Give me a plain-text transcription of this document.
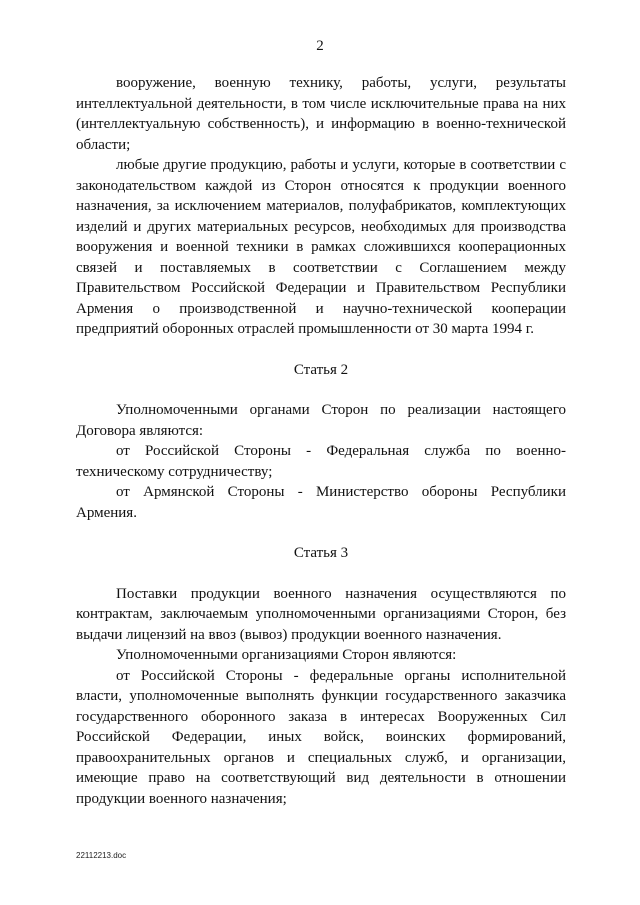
2

вооружение, военную технику, работы, услуги, результаты интеллектуальной деятельности, в том числе исключительные права на них (интеллектуальную собственность), и информацию в военно-технической области;

любые другие продукцию, работы и услуги, которые в соответствии с законодательством каждой из Сторон относятся к продукции военного назначения, за исключением материалов, полуфабрикатов, комплектующих изделий и других материальных ресурсов, необходимых для производства вооружения и военной техники в рамках сложившихся кооперационных связей и поставляемых в соответствии с Соглашением между Правительством Российской Федерации и Правительством Республики Армения о производственной и научно-технической кооперации предприятий оборонных отраслей промышленности от 30 марта 1994 г.

Статья 2

Уполномоченными органами Сторон по реализации настоящего Договора являются:

от Российской Стороны - Федеральная служба по военно-техническому сотрудничеству;

от Армянской Стороны - Министерство обороны Республики Армения.

Статья 3

Поставки продукции военного назначения осуществляются по контрактам, заключаемым уполномоченными организациями Сторон, без выдачи лицензий на ввоз (вывоз) продукции военного назначения.

Уполномоченными организациями Сторон являются:

от Российской Стороны - федеральные органы исполнительной власти, уполномоченные выполнять функции государственного заказчика государственного оборонного заказа в интересах Вооруженных Сил Российской Федерации, иных войск, воинских формирований, правоохранительных органов и специальных служб, и организации, имеющие право на соответствующий вид деятельности в отношении продукции военного назначения;

22112213.doc
